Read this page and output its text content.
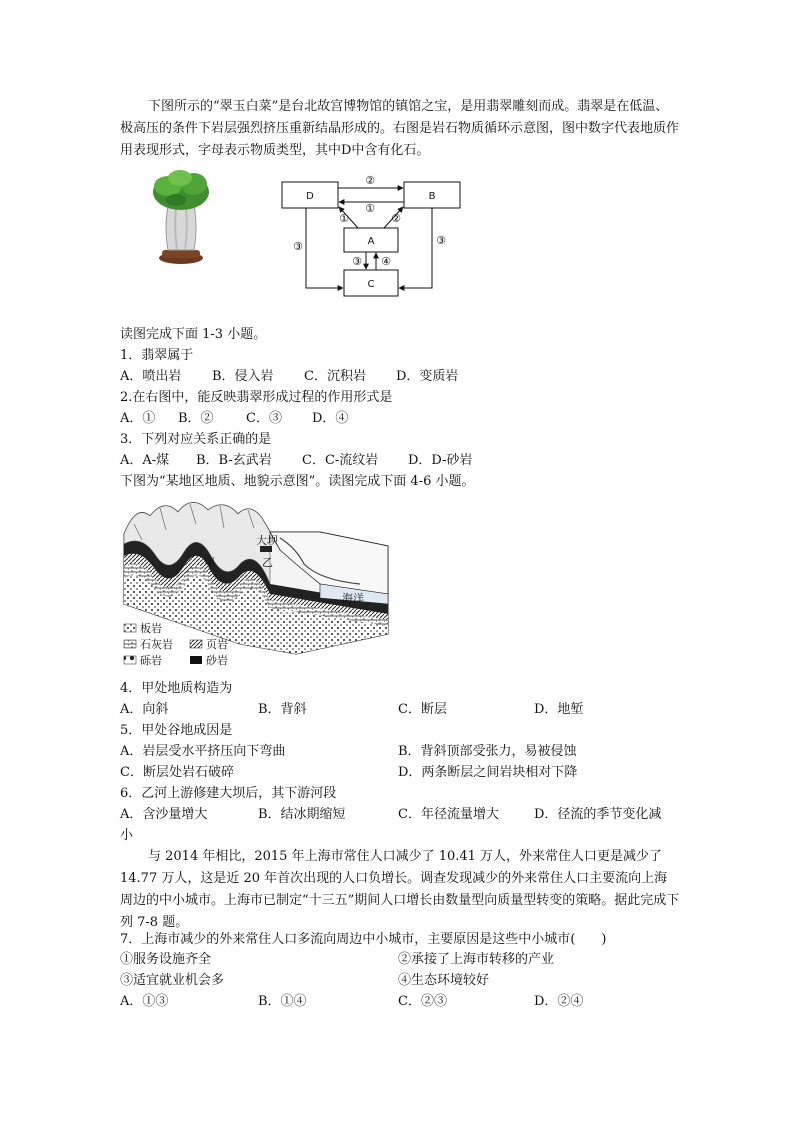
下图所示的“翠玉白菜”是台北故宫博物馆的镇馆之宝，是用翡翠雕刻而成。翡翠是在低温、极高压的条件下岩层强烈挤压重新结晶形成的。右图是岩石物质循环示意图，图中数字代表地质作用表现形式，字母表示物质类型，其中D中含有化石。

D	B
A
C
②
①
①	②
③	③
③ ④
读图完成下面 1-3 小题。
1．翡翠属于
A．喷出岩 B．侵入岩 C．沉积岩 D．变质岩
2.在右图中，能反映翡翠形成过程的作用形式是
A．① B．② C．③ D．④
3．下列对应关系正确的是
A．A-煤 B．B-玄武岩 C．C-流纹岩 D．D-砂岩
下图为“某地区地质、地貌示意图”。读图完成下面 4-6 小题。
大坝
甲	乙
海洋
板岩
石灰岩	页岩
砾岩	砂岩
4．甲处地质构造为
A．向斜	B．背斜	C．断层	D．地堑
5．甲处谷地成因是
A．岩层受水平挤压向下弯曲	B．背斜顶部受张力，易被侵蚀
C．断层处岩石破碎	D．两条断层之间岩块相对下降
6．乙河上游修建大坝后，其下游河段
A．含沙量增大	B．结冰期缩短	C．年径流量增大	D．径流的季节变化减
小

与 2014 年相比，2015 年上海市常住人口减少了 10.41 万人，外来常住人口更是减少了 14.77 万人，这是近 20 年首次出现的人口负增长。调查发现减少的外来常住人口主要流向上海周边的中小城市。上海市已制定“十三五”期间人口增长由数量型向质量型转变的策略。据此完成下列 7-8 题。

7．上海市减少的外来常住人口多流向周边中小城市，主要原因是这些中小城市(　　)
①服务设施齐全	②承接了上海市转移的产业
③适宜就业机会多	④生态环境较好
A．①③	B．①④	C．②③	D．②④
